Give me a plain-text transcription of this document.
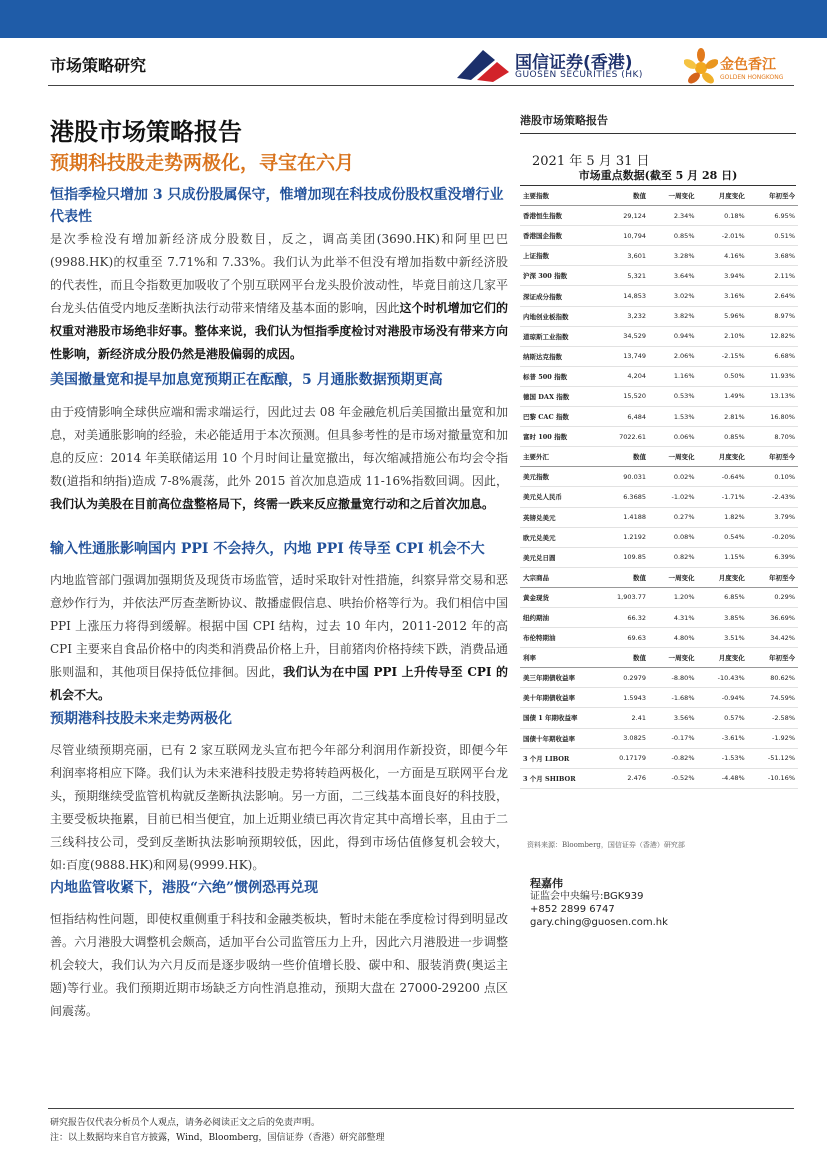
市场策略研究	国信证券(香港)
GUOSEN SECURITIES (HK)
金色香江
GOLDEN HONGKONG
港股市场策略报告
预期科技股走势两极化，寻宝在六月
恒指季检只增加 3 只成份股属保守，惟增加现在科技成份股权重没增行业代表性
是次季检没有增加新经济成分股数目，反之，调高美团(3690.HK)和阿里巴巴(9988.HK)的权重至 7.71%和 7.33%。我们认为此举不但没有增加指数中新经济股的代表性，而且令指数更加吸收了个别互联网平台龙头股价波动性，毕竟目前这几家平台龙头估值受内地反垄断执法行动带来情绪及基本面的影响，因此这个时机增加它们的权重对港股市场绝非好事。整体来说，我们认为恒指季度检讨对港股市场没有带来方向性影响，新经济成分股仍然是港股偏弱的成因。
美国撤量宽和提早加息宽预期正在酝酿，5 月通胀数据预期更高
由于疫情影响全球供应端和需求端运行，因此过去 08 年金融危机后美国撤出量宽和加息，对美通胀影响的经验，未必能适用于本次预测。但具参考性的是市场对撤量宽和加息的反应：2014 年美联储运用 10 个月时间让量宽撤出，每次缩减措施公布均会令指数(道指和纳指)造成 7-8%震荡，此外 2015 首次加息造成 11-16%指数回调。因此，我们认为美股在目前高位盘整格局下，终需一跌来反应撤量宽行动和之后首次加息。
输入性通胀影响国内 PPI 不会持久，内地 PPI 传导至 CPI 机会不大
内地监管部门强调加强期货及现货市场监管，适时采取针对性措施，纠察异常交易和恶意炒作行为，并依法严厉查垄断协议、散播虚假信息、哄抬价格等行为。我们相信中国 PPI 上涨压力将得到缓解。根据中国 CPI 结构，过去 10 年内，2011-2012 年的高 CPI 主要来自食品价格中的肉类和消费品价格上升，目前猪肉价格持续下跌，消费品通胀则温和，其他项目保持低位排徊。因此，我们认为在中国 PPI 上升传导至 CPI 的机会不大。
预期港科技股未来走势两极化
尽管业绩预期亮丽，已有 2 家互联网龙头宣布把今年部分利润用作新投资，即便今年利润率将相应下降。我们认为未来港科技股走势将转趋两极化，一方面是互联网平台龙头，预期继续受监管机构就反垄断执法影响。另一方面，二三线基本面良好的科技股，主要受板块拖累，目前已相当便宜，加上近期业绩已再次肯定其中高增长率，且由于二三线科技公司，受到反垄断执法影响预期较低，因此，得到市场估值修复机会较大，如:百度(9888.HK)和网易(9999.HK)。
内地监管收紧下，港股“六绝”惯例恐再兑现
恒指结构性问题，即使权重侧重于科技和金融类板块，暂时未能在季度检讨得到明显改善。六月港股大调整机会颇高，适加平台公司监管压力上升，因此六月港股进一步调整机会较大，我们认为六月反而是逐步吸纳一些价值增长股、碳中和、服装消费(奥运主题)等行业。我们预期近期市场缺乏方向性消息推动，预期大盘在 27000-29200 点区间震荡。
港股市场策略报告
2021 年 5 月 31 日
市场重点数据(截至 5 月 28 日)
主要指数	数值	一周变化	月度变化	年初至今
香港恒生指数	29,124	2.34%	0.18%	6.95%
香港国企指数	10,794	0.85%	-2.01%	0.51%
上证指数	3,601	3.28%	4.16%	3.68%
沪深 300 指数	5,321	3.64%	3.94%	2.11%
深证成分指数	14,853	3.02%	3.16%	2.64%
内地创业板指数	3,232	3.82%	5.96%	8.97%
道琼斯工业指数	34,529	0.94%	2.10%	12.82%
纳斯达克指数	13,749	2.06%	-2.15%	6.68%
标普 500 指数	4,204	1.16%	0.50%	11.93%
德国 DAX 指数	15,520	0.53%	1.49%	13.13%
巴黎 CAC 指数	6,484	1.53%	2.81%	16.80%
富时 100 指数	7022.61	0.06%	0.85%	8.70%
主要外汇	数值	一周变化	月度变化	年初至今
美元指数	90.031	0.02%	-0.64%	0.10%
美元兑人民币	6.3685	-1.02%	-1.71%	-2.43%
英镑兑美元	1.4188	0.27%	1.82%	3.79%
欧元兑美元	1.2192	0.08%	0.54%	-0.20%
美元兑日圆	109.85	0.82%	1.15%	6.39%
大宗商品	数值	一周变化	月度变化	年初至今
黄金现货	1,903.77	1.20%	6.85%	0.29%
纽约期油	66.32	4.31%	3.85%	36.69%
布伦特期油	69.63	4.80%	3.51%	34.42%
利率	数值	一周变化	月度变化	年初至今
美三年期债收益率	0.2979	-8.80%	-10.43%	80.62%
美十年期债收益率	1.5943	-1.68%	-0.94%	74.59%
国债 1 年期收益率	2.41	3.56%	0.57%	-2.58%
国债十年期收益率	3.0825	-0.17%	-3.61%	-1.92%
3 个月 LIBOR	0.17179	-0.82%	-1.53%	-51.12%
3 个月 SHIBOR	2.476	-0.52%	-4.48%	-10.16%
资料来源：Bloomberg，国信证券（香港）研究部
程嘉伟
证监会中央编号:BGK939
+852 2899 6747
gary.ching@guosen.com.hk
研究报告仅代表分析员个人观点，请务必阅读正文之后的免责声明。
注：以上数据均来自官方披露，Wind，Bloomberg，国信证券（香港）研究部整理
